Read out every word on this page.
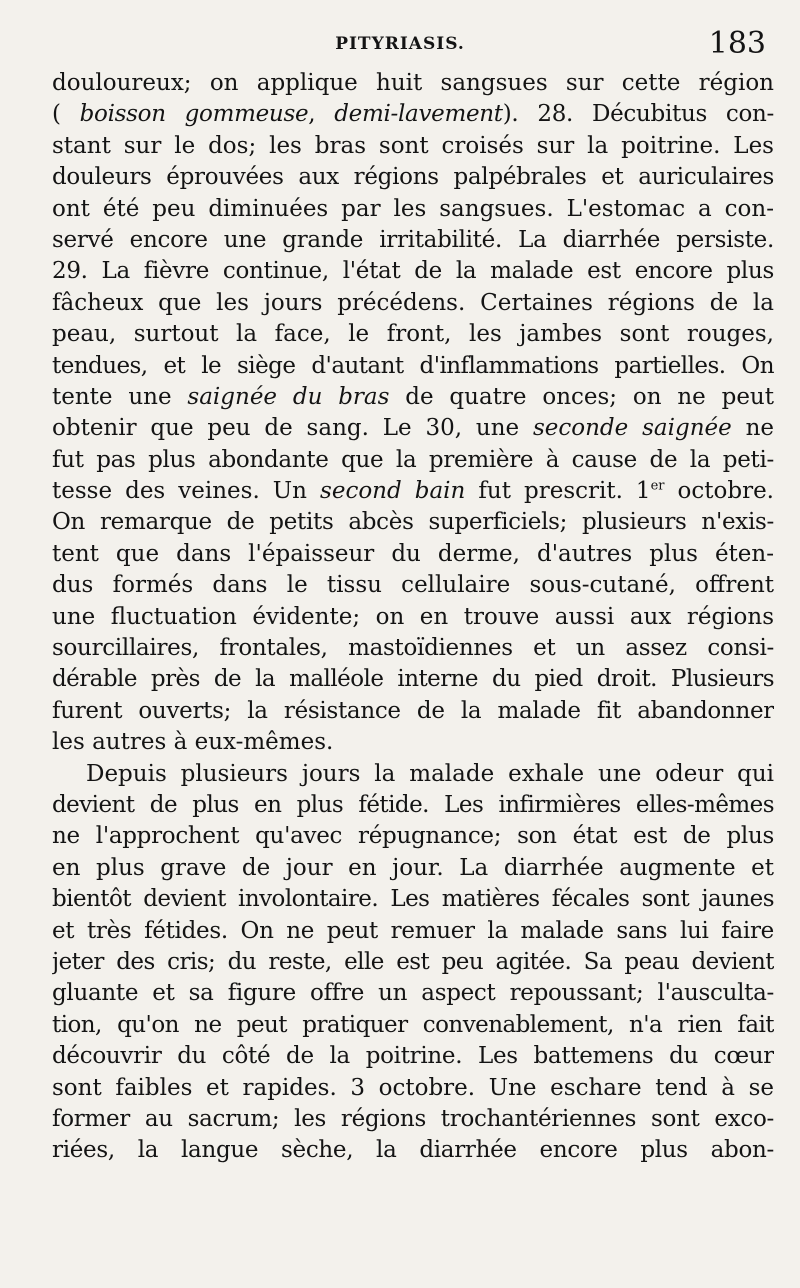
PITYRIASIS.	183
douloureux; on applique huit sangsues sur cette région
( boisson gommeuse, demi-lavement). 28. Décubitus con-
stant sur le dos; les bras sont croisés sur la poitrine. Les
douleurs éprouvées aux régions palpébrales et auriculaires
ont été peu diminuées par les sangsues. L'estomac a con-
servé encore une grande irritabilité. La diarrhée persiste.
29. La fièvre continue, l'état de la malade est encore plus
fâcheux que les jours précédens. Certaines régions de la
peau, surtout la face, le front, les jambes sont rouges,
tendues, et le siège d'autant d'inflammations partielles. On
tente une saignée du bras de quatre onces; on ne peut
obtenir que peu de sang. Le 30, une seconde saignée ne
fut pas plus abondante que la première à cause de la peti-
tesse des veines. Un second bain fut prescrit. 1er octobre.
On remarque de petits abcès superficiels; plusieurs n'exis-
tent que dans l'épaisseur du derme, d'autres plus éten-
dus formés dans le tissu cellulaire sous-cutané, offrent
une fluctuation évidente; on en trouve aussi aux régions
sourcillaires, frontales, mastoïdiennes et un assez consi-
dérable près de la malléole interne du pied droit. Plusieurs
furent ouverts; la résistance de la malade fit abandonner
les autres à eux-mêmes.
Depuis plusieurs jours la malade exhale une odeur qui
devient de plus en plus fétide. Les infirmières elles-mêmes
ne l'approchent qu'avec répugnance; son état est de plus
en plus grave de jour en jour. La diarrhée augmente et
bientôt devient involontaire. Les matières fécales sont jaunes
et très fétides. On ne peut remuer la malade sans lui faire
jeter des cris; du reste, elle est peu agitée. Sa peau devient
gluante et sa figure offre un aspect repoussant; l'ausculta-
tion, qu'on ne peut pratiquer convenablement, n'a rien fait
découvrir du côté de la poitrine. Les battemens du cœur
sont faibles et rapides. 3 octobre. Une eschare tend à se
former au sacrum; les régions trochantériennes sont exco-
riées, la langue sèche, la diarrhée encore plus abon-
